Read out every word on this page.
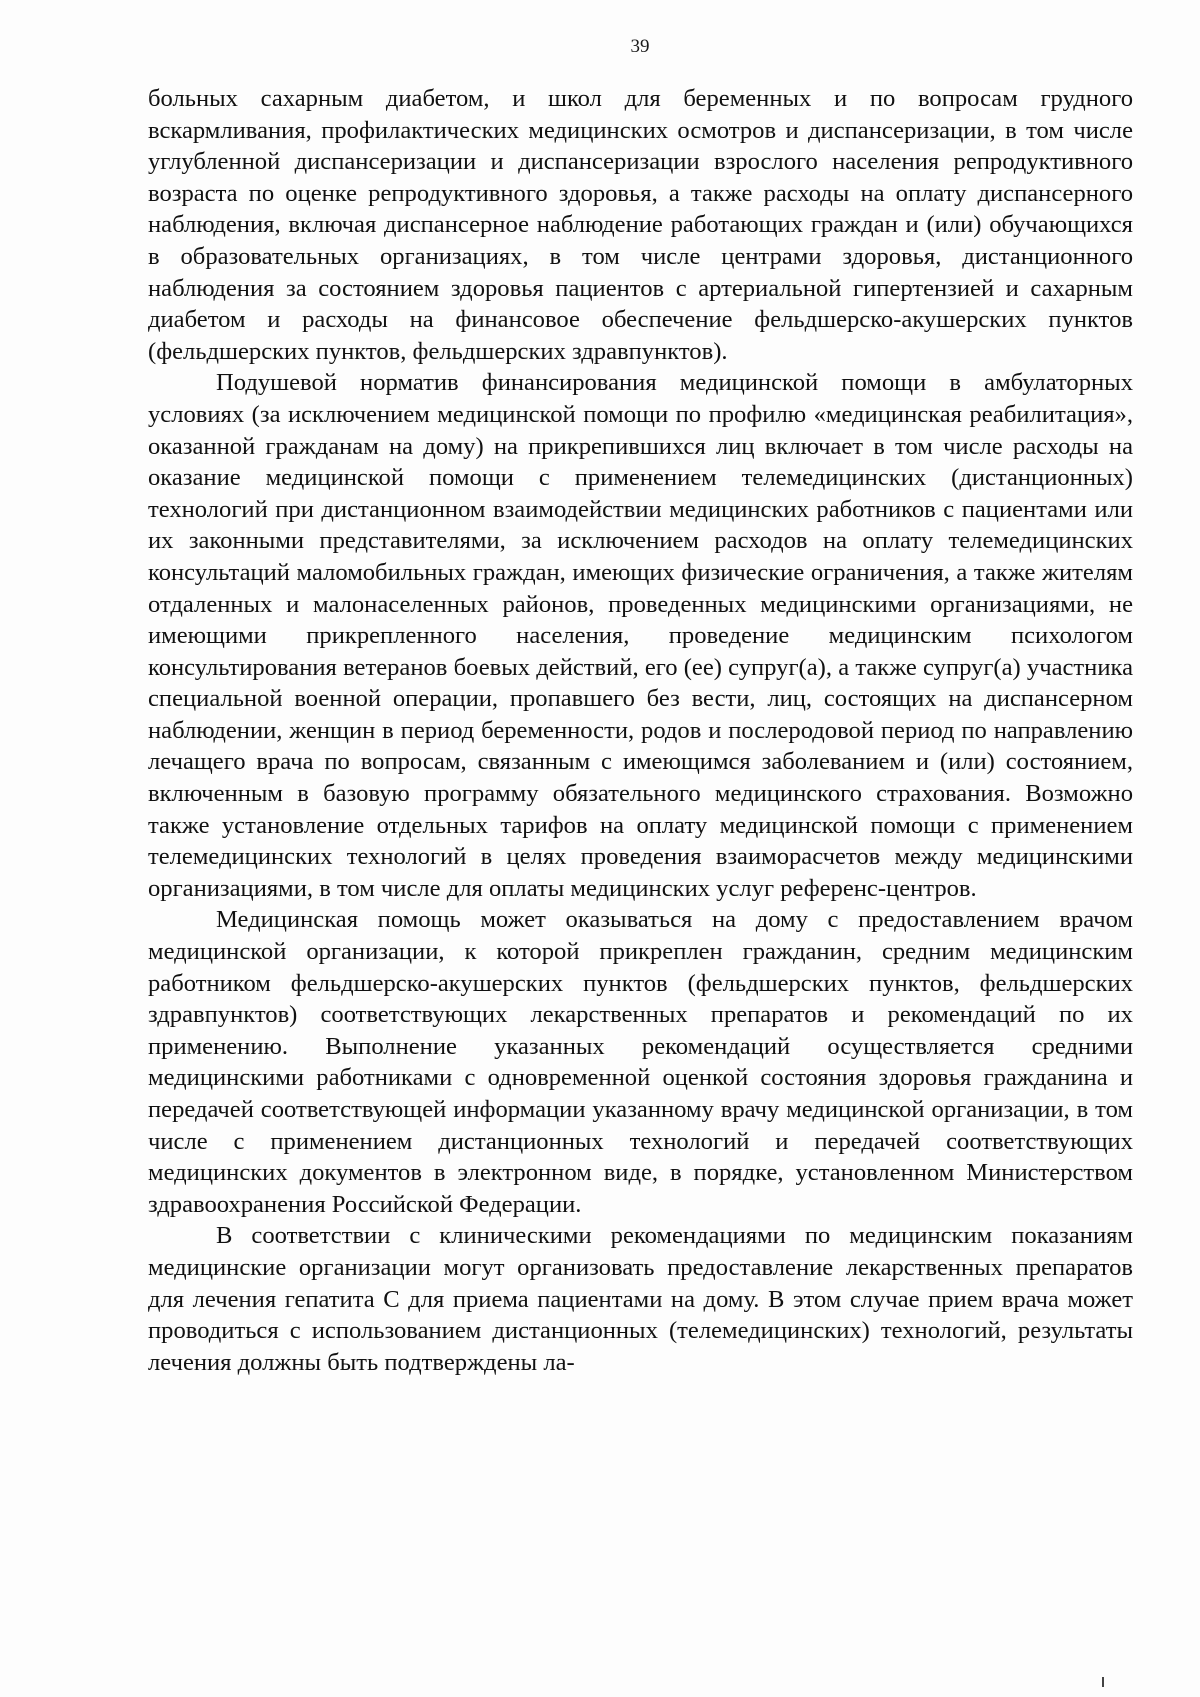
39

больных сахарным диабетом, и школ для беременных и по вопросам грудного вскармливания, профилактических медицинских осмотров и диспансеризации, в том числе углубленной диспансеризации и диспансеризации взрослого населения репродуктивного возраста по оценке репродуктивного здоровья, а также расходы на оплату диспансерного наблюдения, включая диспансерное наблюдение работающих граждан и (или) обучающихся в образовательных организациях, в том числе центрами здоровья, дистанционного наблюдения за состоянием здоровья пациентов с артериальной гипертензией и сахарным диабетом и расходы на финансовое обеспечение фельдшерско-акушерских пунктов (фельдшерских пунктов, фельдшерских здравпунктов).

Подушевой норматив финансирования медицинской помощи в амбулаторных условиях (за исключением медицинской помощи по профилю «медицинская реабилитация», оказанной гражданам на дому) на прикрепившихся лиц включает в том числе расходы на оказание медицинской помощи с применением телемедицинских (дистанционных) технологий при дистанционном взаимодействии медицинских работников с пациентами или их законными представителями, за исключением расходов на оплату телемедицинских консультаций маломобильных граждан, имеющих физические ограничения, а также жителям отдаленных и малонаселенных районов, проведенных медицинскими организациями, не имеющими прикрепленного населения, проведение медицинским психологом консультирования ветеранов боевых действий, его (ее) супруг(а), а также супруг(а) участника специальной военной операции, пропавшего без вести, лиц, состоящих на диспансерном наблюдении, женщин в период беременности, родов и послеродовой период по направлению лечащего врача по вопросам, связанным с имеющимся заболеванием и (или) состоянием, включенным в базовую программу обязательного медицинского страхования. Возможно также установление отдельных тарифов на оплату медицинской помощи с применением телемедицинских технологий в целях проведения взаиморасчетов между медицинскими организациями, в том числе для оплаты медицинских услуг референс-центров.

Медицинская помощь может оказываться на дому с предоставлением врачом медицинской организации, к которой прикреплен гражданин, средним медицинским работником фельдшерско-акушерских пунктов (фельдшерских пунктов, фельдшерских здравпунктов) соответствующих лекарственных препаратов и рекомендаций по их применению. Выполнение указанных рекомендаций осуществляется средними медицинскими работниками с одновременной оценкой состояния здоровья гражданина и передачей соответствующей информации указанному врачу медицинской организации, в том числе с применением дистанционных технологий и передачей соответствующих медицинских документов в электронном виде, в порядке, установленном Министерством здравоохранения Российской Федерации.

В соответствии с клиническими рекомендациями по медицинским показаниям медицинские организации могут организовать предоставление лекарственных препаратов для лечения гепатита С для приема пациентами на дому. В этом случае прием врача может проводиться с использованием дистанционных (телемедицинских) технологий, результаты лечения должны быть подтверждены ла-
